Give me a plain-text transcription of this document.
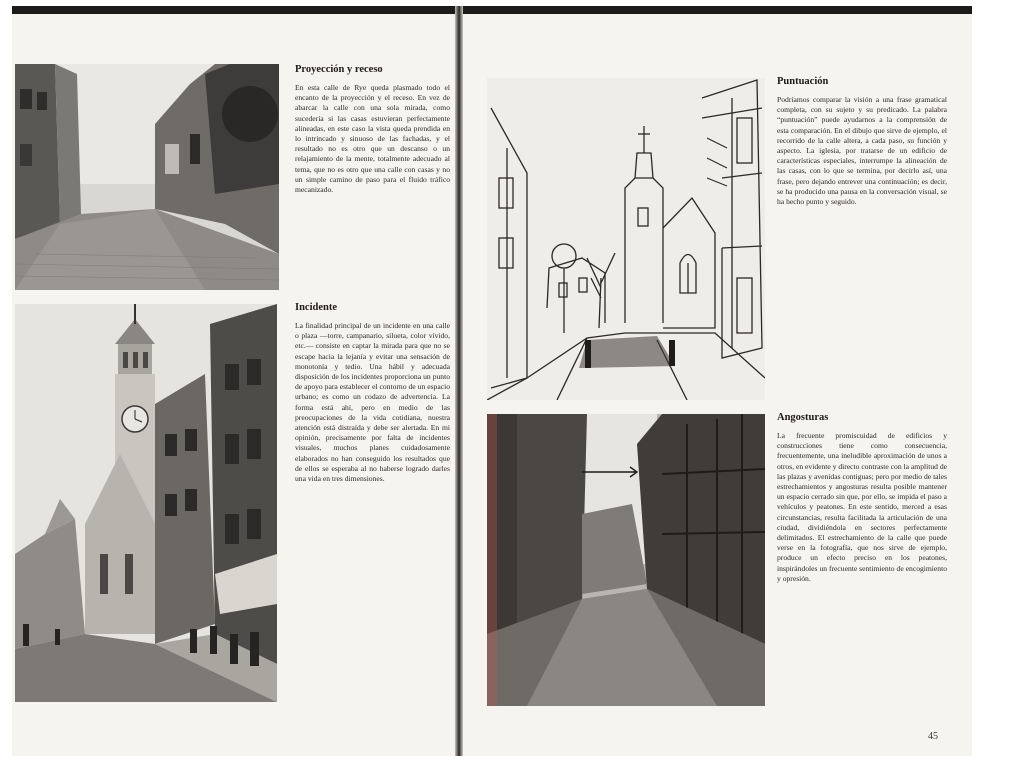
Proyección y receso

En esta calle de Rye queda plasmado todo el encanto de la proyección y el receso. En vez de abarcar la calle con una sola mirada, como sucedería si las casas estuvieran perfectamente alineadas, en este caso la vista queda prendida en lo intrincado y sinuoso de las fachadas, y el resultado no es otro que un descanso o un relajamiento de la mente, totalmente adecuado al tema, que no es otro que una calle con casas y no un simple camino de paso para el fluido tráfico mecanizado.

Incidente

La finalidad principal de un incidente en una calle o plaza —torre, campanario, silueta, color vívido, etc.— consiste en captar la mirada para que no se escape hacia la lejanía y evitar una sensación de monotonía y tedio. Una hábil y adecuada disposición de los incidentes proporciona un punto de apoyo para establecer el contorno de un espacio urbano; es como un codazo de advertencia. La forma está ahí, pero en medio de las preocupaciones de la vida cotidiana, nuestra atención está distraída y debe ser alertada. En mi opinión, precisamente por falta de incidentes visuales, muchos planes cuidadosamente elaborados no han conseguido los resultados que de ellos se esperaba al no haberse logrado darles una vida en tres dimensiones.

Puntuación

Podríamos comparar la visión a una frase gramatical completa, con su sujeto y su predicado. La palabra “puntuación” puede ayudarnos a la comprensión de esta comparación. En el dibujo que sirve de ejemplo, el recorrido de la calle altera, a cada paso, su función y aspecto. La iglesia, por tratarse de un edificio de características especiales, interrumpe la alineación de las casas, con lo que se termina, por decirlo así, una frase, pero dejando entrever una continuación; es decir, se ha producido una pausa en la conversación visual, se ha hecho punto y seguido.

Angosturas

La frecuente promiscuidad de edificios y construcciones tiene como consecuencia, frecuentemente, una ineludible aproximación de unos a otros, en evidente y directo contraste con la amplitud de las plazas y avenidas contiguas; pero por medio de tales estrechamientos y angosturas resulta posible mantener un espacio cerrado sin que, por ello, se impida el paso a vehículos y peatones. En este sentido, merced a esas circunstancias, resulta facilitada la articulación de una ciudad, dividiéndola en sectores perfectamente delimitados. El estrechamiento de la calle que puede verse en la fotografía, que nos sirve de ejemplo, produce un efecto preciso en los peatones, inspirándoles un frecuente sentimiento de encogimiento y opresión.

45
